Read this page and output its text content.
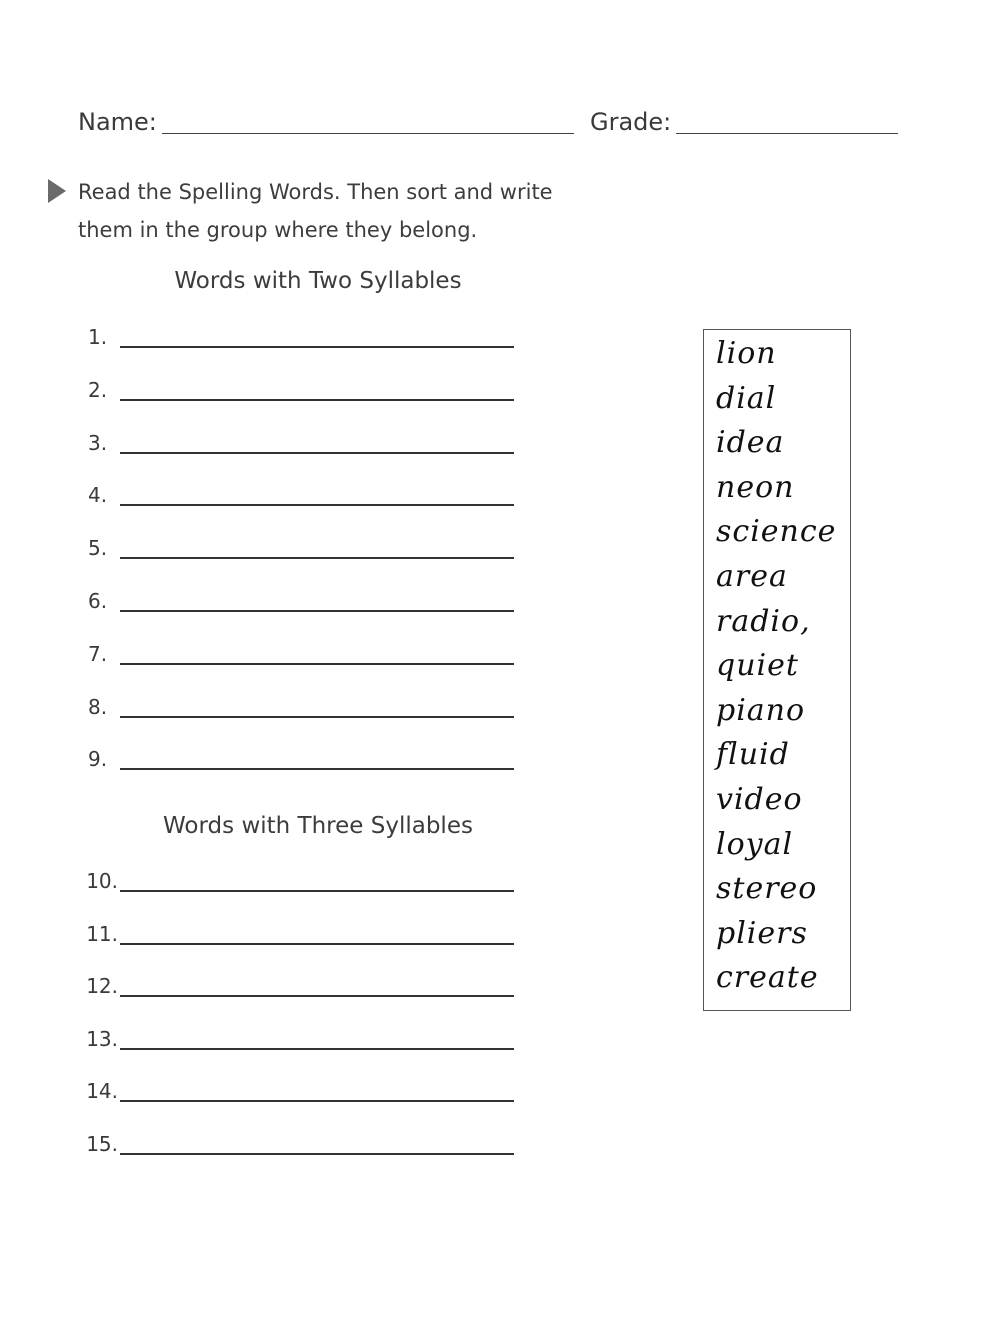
Name:	Grade:
Read the Spelling Words. Then sort and write them in the group where they belong.
Words with Two Syllables
1.
2.
3.
4.
5.
6.
7.
8.
9.
Words with Three Syllables
10.
11.
12.
13.
14.
15.
lion
dial
idea
neon
science
area
radio,
quiet
piano
fluid
video
loyal
stereo
pliers
create
